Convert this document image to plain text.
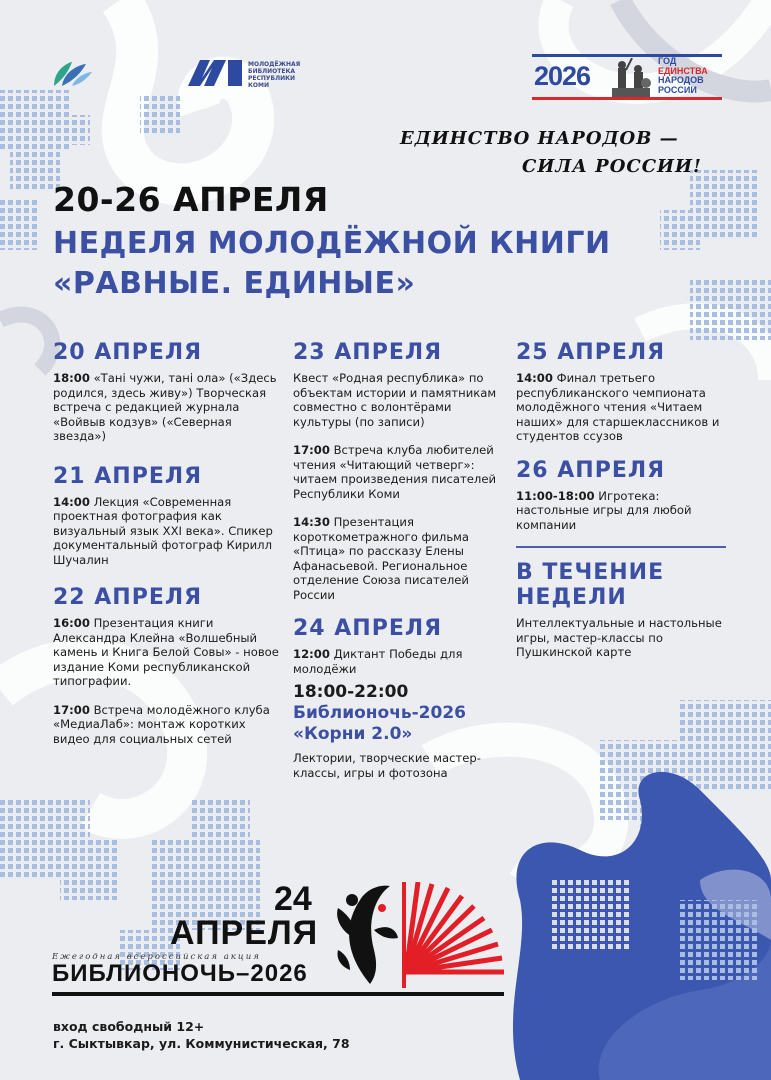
МОЛОДЁЖНАЯ
БИБЛИОТЕКА
РЕСПУБЛИКИ
КОМИ	2026	ГОД
ЕДИНСТВА
НАРОДОВ
РОССИИ
ЕДИНСТВО НАРОДОВ —
СИЛА РОССИИ!
20-26 АПРЕЛЯ
НЕДЕЛЯ МОЛОДЁЖНОЙ КНИГИ
«РАВНЫЕ. ЕДИНЫЕ»
20 АПРЕЛЯ
18:00 «Тані чужи, тані ола» («Здесь родился, здесь живу») Творческая встреча с редакцией журнала «Войвыв кодзув» («Северная звезда»)
21 АПРЕЛЯ
14:00 Лекция «Современная проектная фотография как визуальный язык XXI века». Спикер документальный фотограф Кирилл Шучалин
22 АПРЕЛЯ
16:00 Презентация книги Александра Клейна «Волшебный камень и Книга Белой Совы» - новое издание Коми республиканской типографии.
17:00 Встреча молодёжного клуба «МедиаЛаб»: монтаж коротких видео для социальных сетей
23 АПРЕЛЯ
Квест «Родная республика» по объектам истории и памятникам совместно с волонтёрами культуры (по записи)
17:00 Встреча клуба любителей чтения «Читающий четверг»: читаем произведения писателей Республики Коми
14:30 Презентация короткометражного фильма «Птица» по рассказу Елены Афанасьевой. Региональное отделение Союза писателей России
24 АПРЕЛЯ
12:00 Диктант Победы для молодёжи
18:00-22:00
Библионочь-2026
«Корни 2.0»
Лектории, творческие мастер-классы, игры и фотозона
25 АПРЕЛЯ
14:00 Финал третьего республиканского чемпионата молодёжного чтения «Читаем наших» для старшеклассников и студентов ссузов
26 АПРЕЛЯ
11:00-18:00 Игротека: настольные игры для любой компании
В ТЕЧЕНИЕ
НЕДЕЛИ
Интеллектуальные и настольные игры, мастер-классы по Пушкинской карте
24
АПРЕЛЯ
Ежегодная всероссийская акция
БИБЛИОНОЧЬ–2026
вход свободный 12+
г. Сыктывкар, ул. Коммунистическая, 78
